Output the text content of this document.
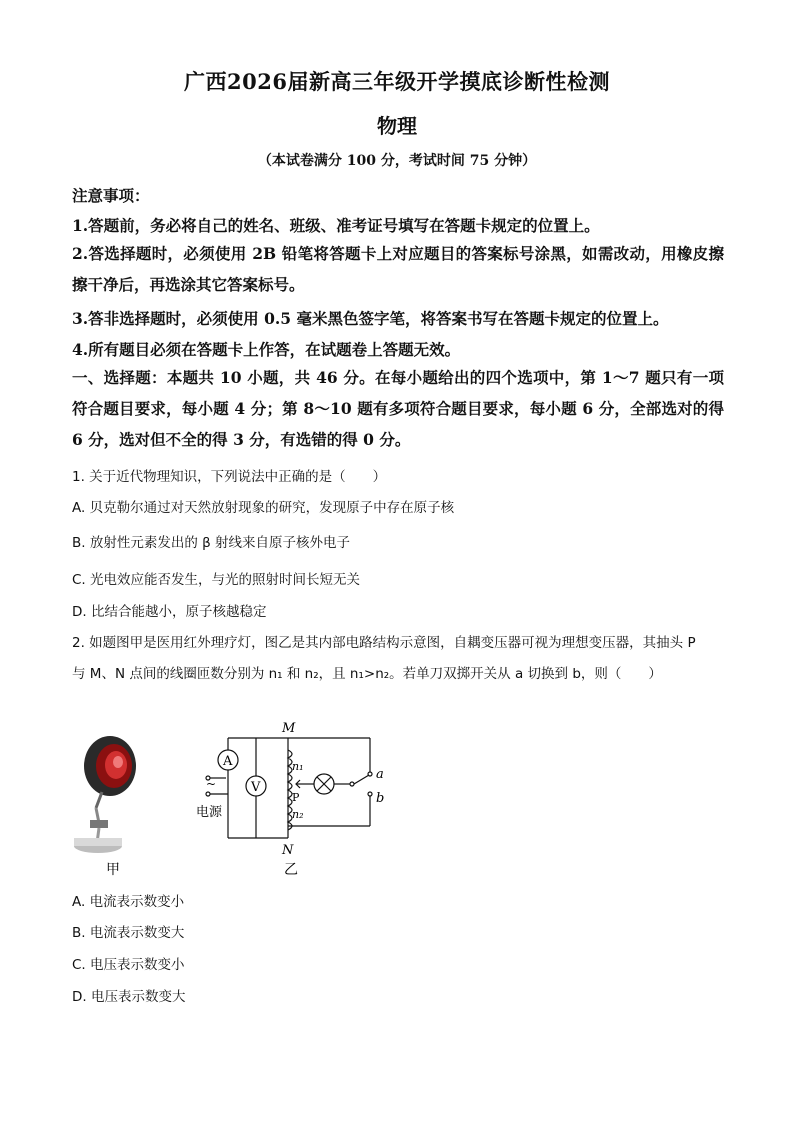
广西2026届新高三年级开学摸底诊断性检测
物理
（本试卷满分 100 分，考试时间 75 分钟）
注意事项：
1.答题前，务必将自己的姓名、班级、准考证号填写在答题卡规定的位置上。
2.答选择题时，必须使用 2B 铅笔将答题卡上对应题目的答案标号涂黑，如需改动，用橡皮擦擦干净后，再选涂其它答案标号。
3.答非选择题时，必须使用 0.5 毫米黑色签字笔，将答案书写在答题卡规定的位置上。
4.所有题目必须在答题卡上作答，在试题卷上答题无效。
一、选择题：本题共 10 小题，共 46 分。在每小题给出的四个选项中，第 1～7 题只有一项符合题目要求，每小题 4 分；第 8～10 题有多项符合题目要求，每小题 6 分，全部选对的得 6 分，选对但不全的得 3 分，有选错的得 0 分。
1. 关于近代物理知识，下列说法中正确的是（　　）
A. 贝克勒尔通过对天然放射现象的研究，发现原子中存在原子核
B. 放射性元素发出的 β 射线来自原子核外电子
C. 光电效应能否发生，与光的照射时间长短无关
D. 比结合能越小，原子核越稳定
2. 如题图甲是医用红外理疗灯，图乙是其内部电路结构示意图，自耦变压器可视为理想变压器，其抽头 P
与 M、N 点间的线圈匝数分别为 n₁ 和 n₂，且 n₁>n₂。若单刀双掷开关从 a 切换到 b，则（　　）
甲
A
V
~
电源
M
N
n₁
P
n₂
a
b
乙
A. 电流表示数变小
B. 电流表示数变大
C. 电压表示数变小
D. 电压表示数变大
